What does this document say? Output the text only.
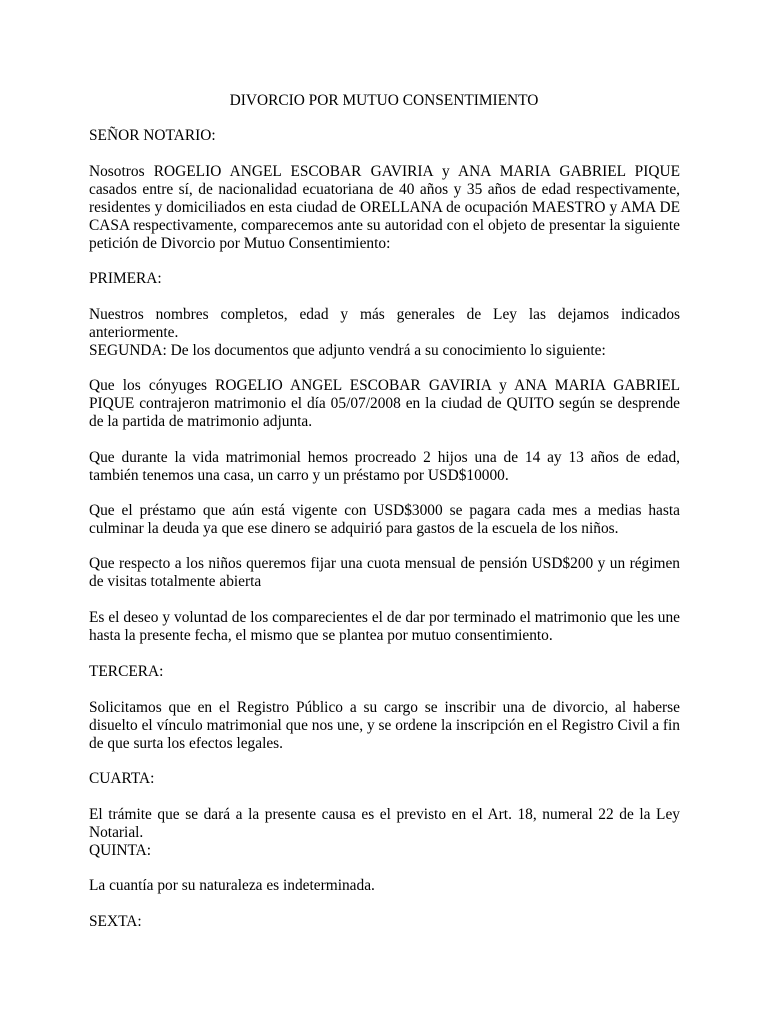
DIVORCIO POR MUTUO CONSENTIMIENTO

SEÑOR NOTARIO:

Nosotros ROGELIO ANGEL ESCOBAR GAVIRIA y ANA MARIA GABRIEL PIQUE casados entre sí, de nacionalidad ecuatoriana de 40 años y 35 años de edad respectivamente, residentes y domiciliados en esta ciudad de ORELLANA de ocupación MAESTRO y AMA DE CASA respectivamente, comparecemos ante su autoridad con el objeto de presentar la siguiente petición de Divorcio por Mutuo Consentimiento:

PRIMERA:

Nuestros nombres completos, edad y más generales de Ley las dejamos indicados anteriormente.

SEGUNDA: De los documentos que adjunto vendrá a su conocimiento lo siguiente:

Que los cónyuges ROGELIO ANGEL ESCOBAR GAVIRIA y ANA MARIA GABRIEL PIQUE contrajeron matrimonio el día 05/07/2008 en la ciudad de QUITO según se desprende de la partida de matrimonio adjunta.

Que durante la vida matrimonial hemos procreado 2 hijos una de 14 ay 13 años de edad, también tenemos una casa, un carro y un préstamo por USD$10000.

Que el préstamo que aún está vigente con USD$3000 se pagara cada mes a medias hasta culminar la deuda ya que ese dinero se adquirió para gastos de la escuela de los niños.

Que respecto a los niños queremos fijar una cuota mensual de pensión USD$200 y un régimen de visitas totalmente abierta

Es el deseo y voluntad de los comparecientes el de dar por terminado el matrimonio que les une hasta la presente fecha, el mismo que se plantea por mutuo consentimiento.

TERCERA:

Solicitamos que en el Registro Público a su cargo se inscribir una de divorcio, al haberse disuelto el vínculo matrimonial que nos une, y se ordene la inscripción en el Registro Civil a fin de que surta los efectos legales.

CUARTA:

El trámite que se dará a la presente causa es el previsto en el Art. 18, numeral 22 de la Ley Notarial.

QUINTA:

La cuantía por su naturaleza es indeterminada.

SEXTA:
